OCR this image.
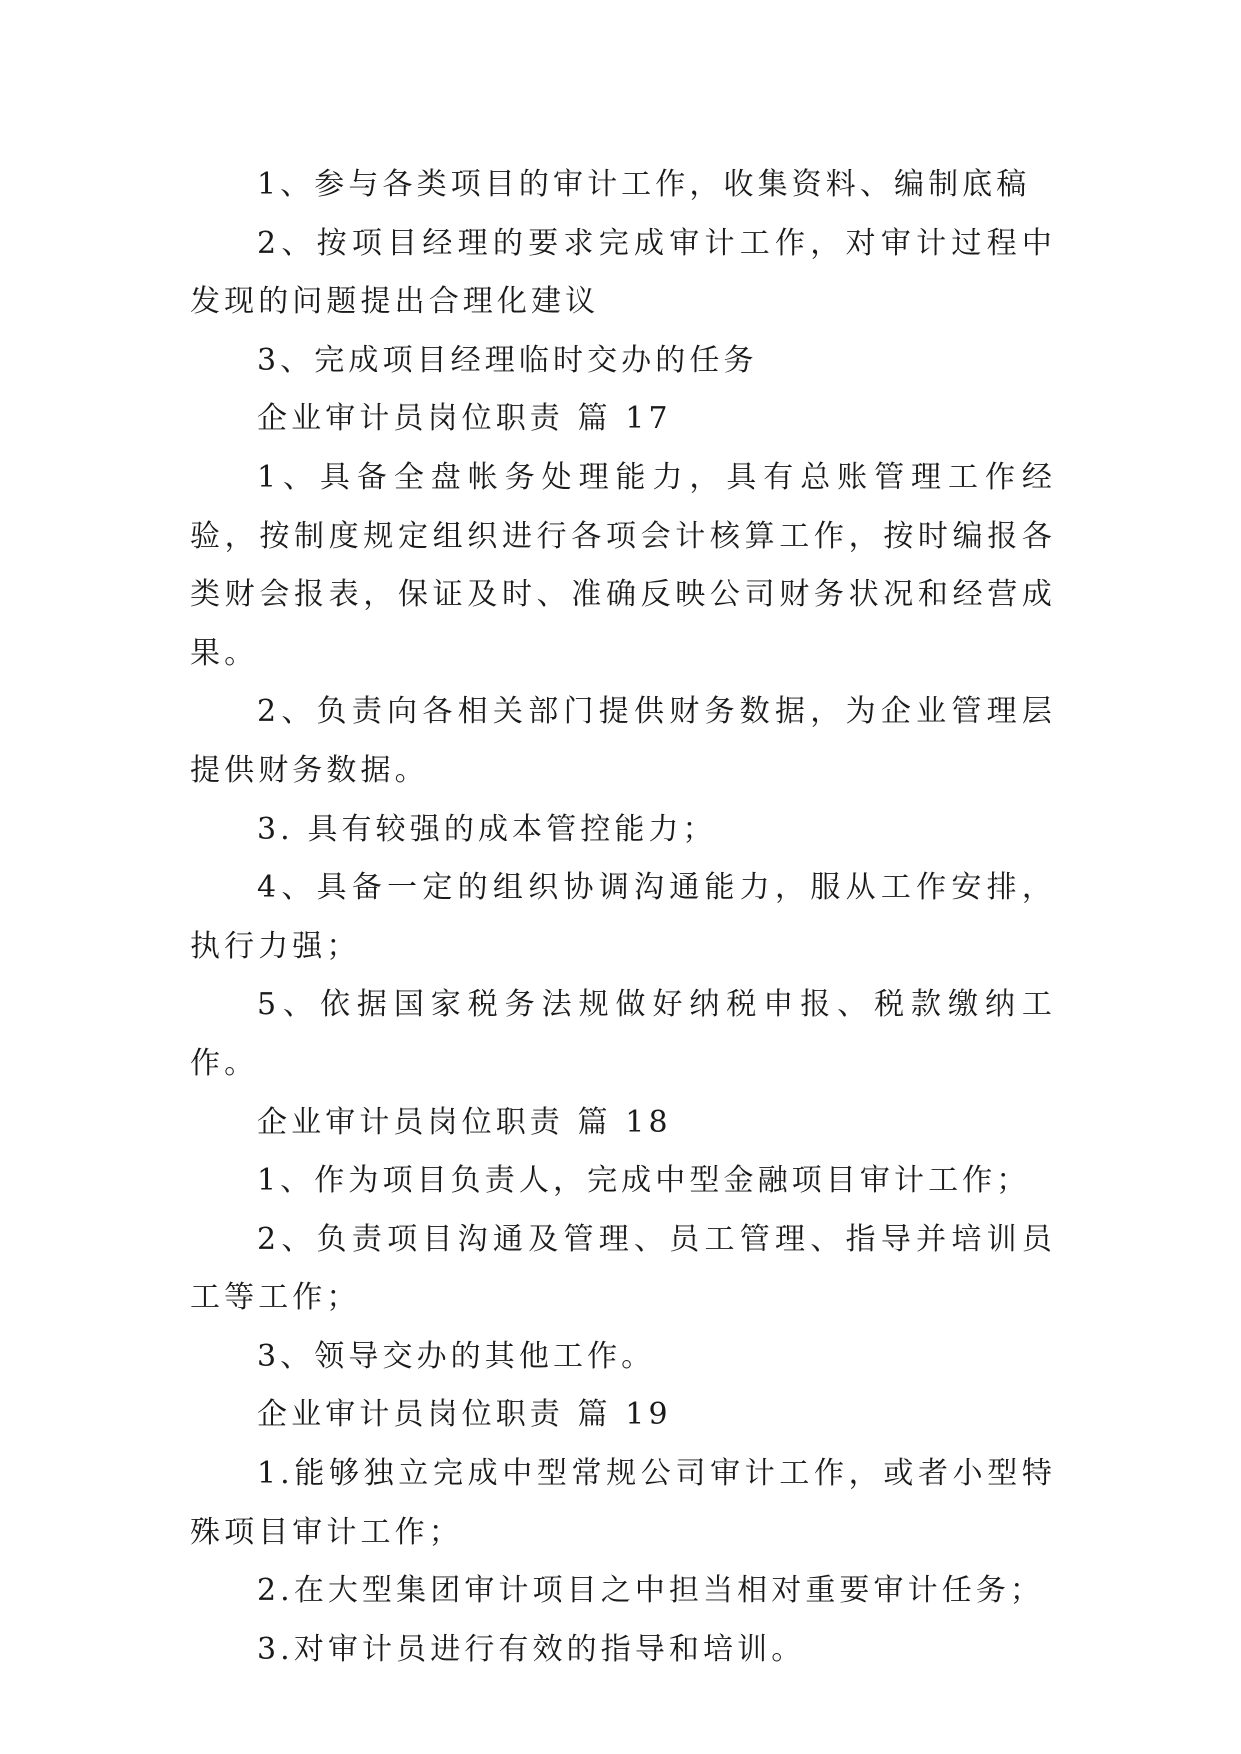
1、参与各类项目的审计工作，收集资料、编制底稿

2、按项目经理的要求完成审计工作，对审计过程中发现的问题提出合理化建议

3、完成项目经理临时交办的任务

企业审计员岗位职责 篇 17

1、具备全盘帐务处理能力，具有总账管理工作经验，按制度规定组织进行各项会计核算工作，按时编报各类财会报表，保证及时、准确反映公司财务状况和经营成果。

2、负责向各相关部门提供财务数据，为企业管理层提供财务数据。

3. 具有较强的成本管控能力；

4、具备一定的组织协调沟通能力，服从工作安排，执行力强；

5、依据国家税务法规做好纳税申报、税款缴纳工作。

企业审计员岗位职责 篇 18

1、作为项目负责人，完成中型金融项目审计工作；

2、负责项目沟通及管理、员工管理、指导并培训员工等工作；

3、领导交办的其他工作。

企业审计员岗位职责 篇 19

1.能够独立完成中型常规公司审计工作，或者小型特殊项目审计工作；

2.在大型集团审计项目之中担当相对重要审计任务；

3.对审计员进行有效的指导和培训。
